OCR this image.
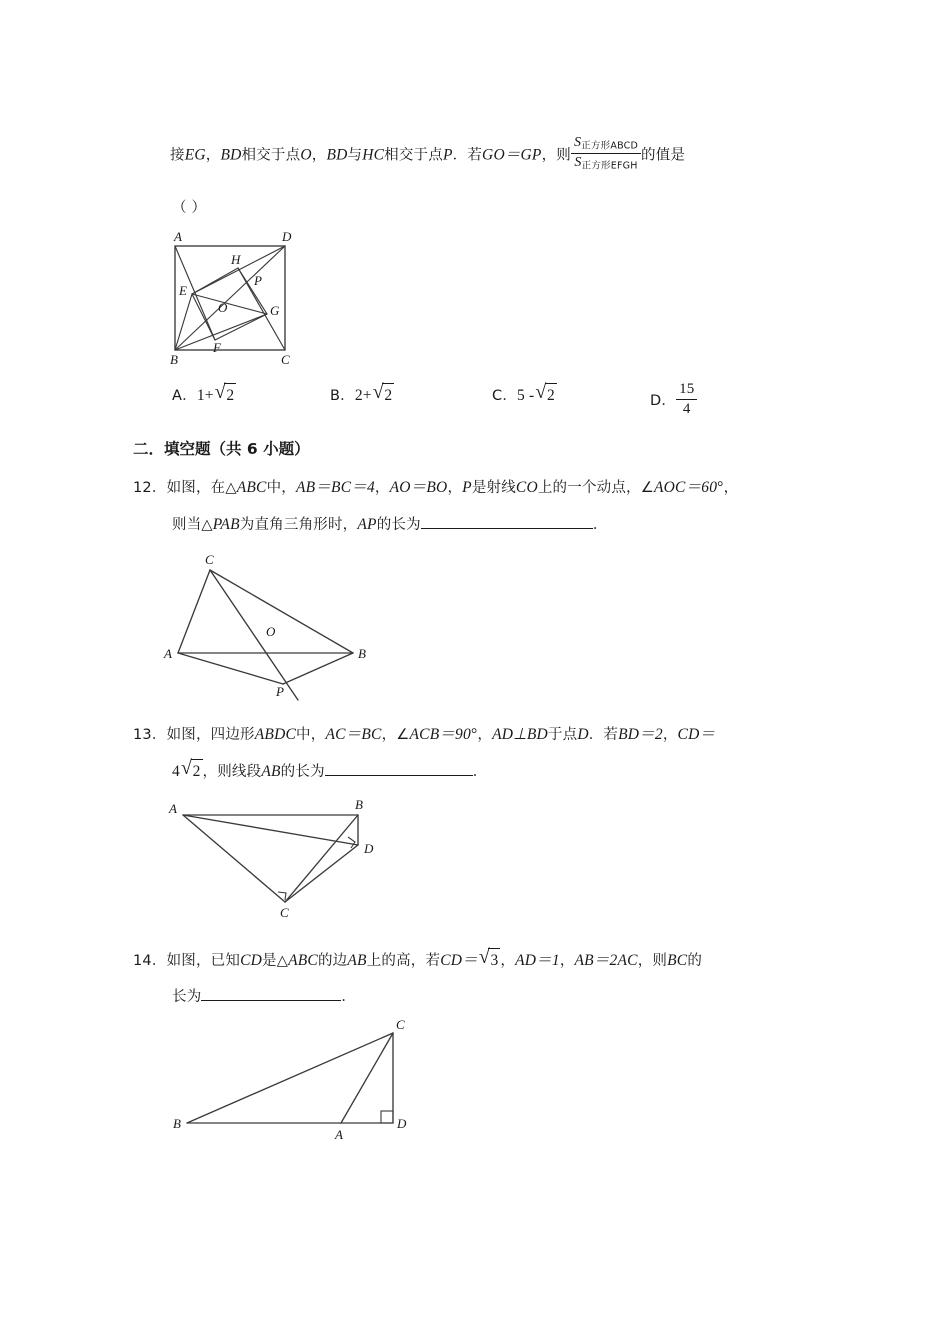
接EG，BD相交于点O，BD与HC相交于点P．若GO＝GP，则 $\frac{S_{正方形ABCD}}{S_{正方形EFGH}}$ 的值是
（ ）
A	D
B	C
E
H
G
F
O
P
A．1+ √ 2	B．2+ √ 2	C．5 - √ 2	D． $\frac{15}{4}$
二．填空题（共 6 小题）
12．如图，在△ABC中，AB＝BC＝4，AO＝BO，P是射线CO上的一个动点，∠AOC＝60°，
则当△PAB为直角三角形时，AP的长为	．
C
A	B
P
O
13．如图，四边形ABDC中，AC＝BC，∠ACB＝90°，AD⊥BD于点D．若BD＝2，CD＝
4 √ 2 ，则线段AB的长为	．
A	B
D
C
14．如图，已知CD是△ABC的边AB上的高，若CD＝ √ 3 ，AD＝1，AB＝2AC，则BC的
长为	．
C
B
A
D
